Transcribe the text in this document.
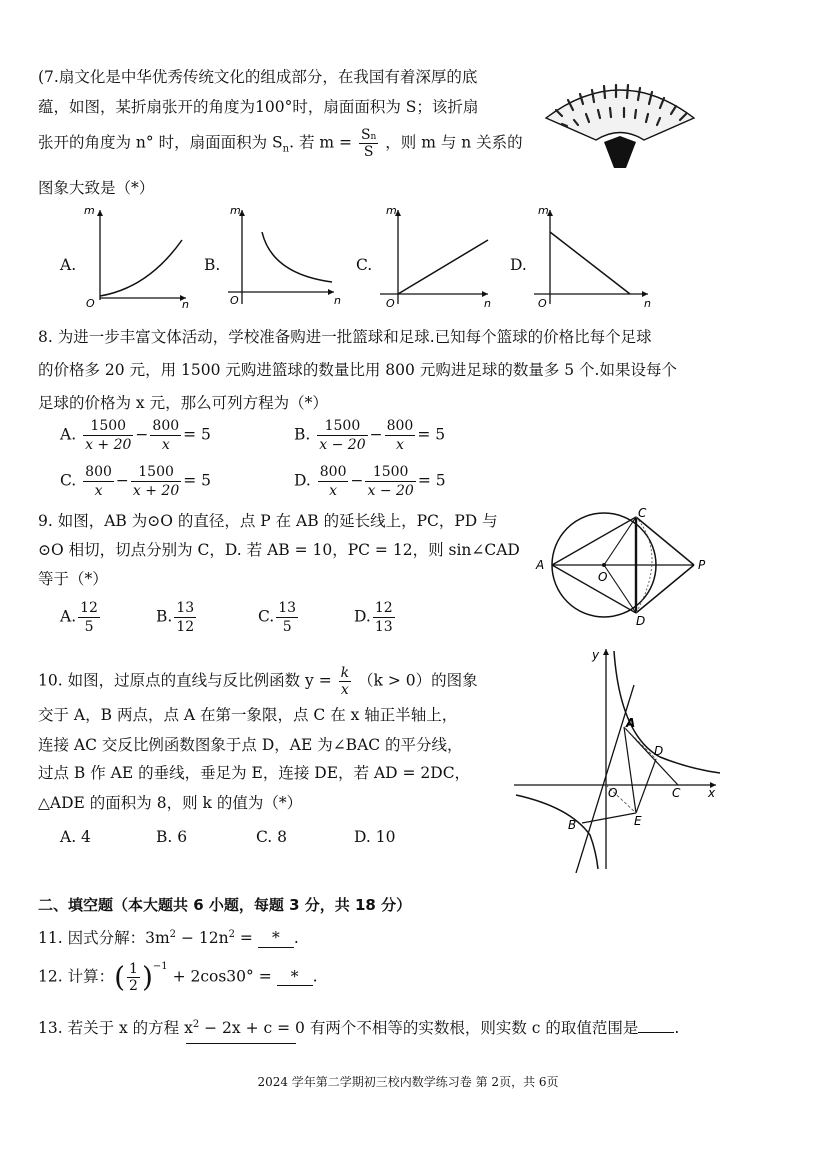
(7.扇文化是中华优秀传统文化的组成部分，在我国有着深厚的底
蕴，如图，某折扇张开的角度为100°时，扇面面积为 S；该折扇
张开的角度为 n° 时，扇面面积为 $S_n$. 若 $m = \frac{Sn}{S}$ ，则 m 与 n 关系的
图象大致是（*）
A.
m
n
O
B.
m
n
O
C.
m
n
O
D.
m
n
O
8. 为进一步丰富文体活动，学校准备购进一批篮球和足球.已知每个篮球的价格比每个足球
的价格多 20 元，用 1500 元购进篮球的数量比用 800 元购进足球的数量多 5 个.如果设每个
足球的价格为 x 元，那么可列方程为（*）
A. $\frac{1500}{x + 20} - \frac{800}{x} = 5$	B. $\frac{1500}{x - 20} - \frac{800}{x} = 5$
C. $\frac{800}{x} - \frac{1500}{x + 20} = 5$	D. $\frac{800}{x} - \frac{1500}{x - 20} = 5$
9. 如图，AB 为⊙O 的直径，点 P 在 AB 的延长线上，PC，PD 与
⊙O 相切，切点分别为 C，D. 若 AB = 10，PC = 12，则 sin∠CAD
等于（*）
A. $\frac{12}{5}$	B. $\frac{13}{12}$	C. $\frac{13}{5}$	D. $\frac{12}{13}$
A
C
O
P
D
10. 如图，过原点的直线与反比例函数 $y = \frac{k}{x} (k > 0)$的图象
交于 A，B 两点，点 A 在第一象限，点 C 在 x 轴正半轴上，
连接 AC 交反比例函数图象于点 D，AE 为∠BAC 的平分线，
过点 B 作 AE 的垂线，垂足为 E，连接 DE，若 AD = 2DC，
△ADE 的面积为 8，则 k 的值为（*）
A. 4	B. 6	C. 8	D. 10
y
x
A
D
O	C
E
B
二、填空题（本大题共 6 小题，每题 3 分，共 18 分）
11. 因式分解：$3m^2 - 12n^2$ = * .
12. 计算：( $\frac{1}{2} )^{-1} + 2\cos 30^\circ$ = * .
13. 若关于 x 的方程 $x^2 - 2x + c = 0$ 有两个不相等的实数根，则实数 c 的取值范围是 .
2024 学年第二学期初三校内数学练习卷 第 2页，共 6页
